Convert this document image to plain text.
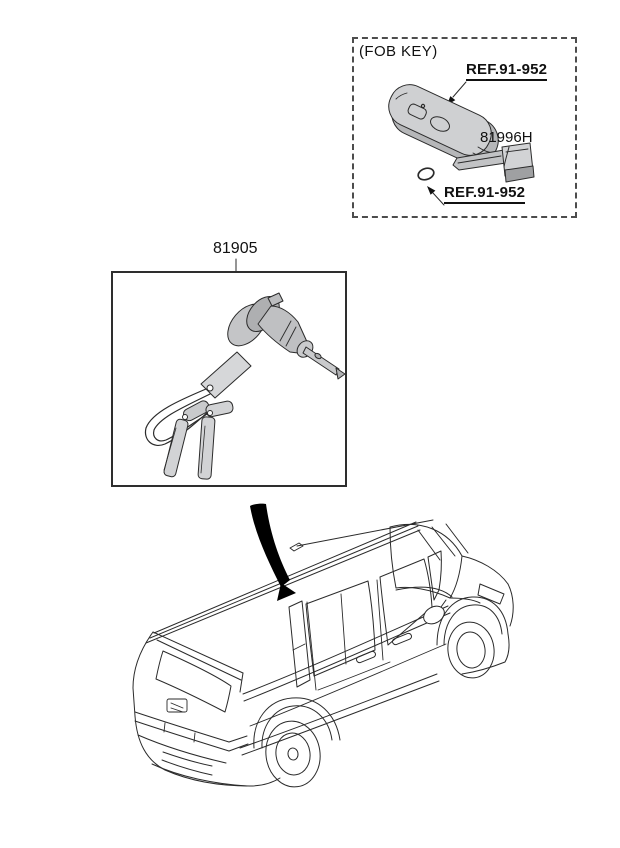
(FOB KEY)
REF.91-952
81996H
REF.91-952
81905
